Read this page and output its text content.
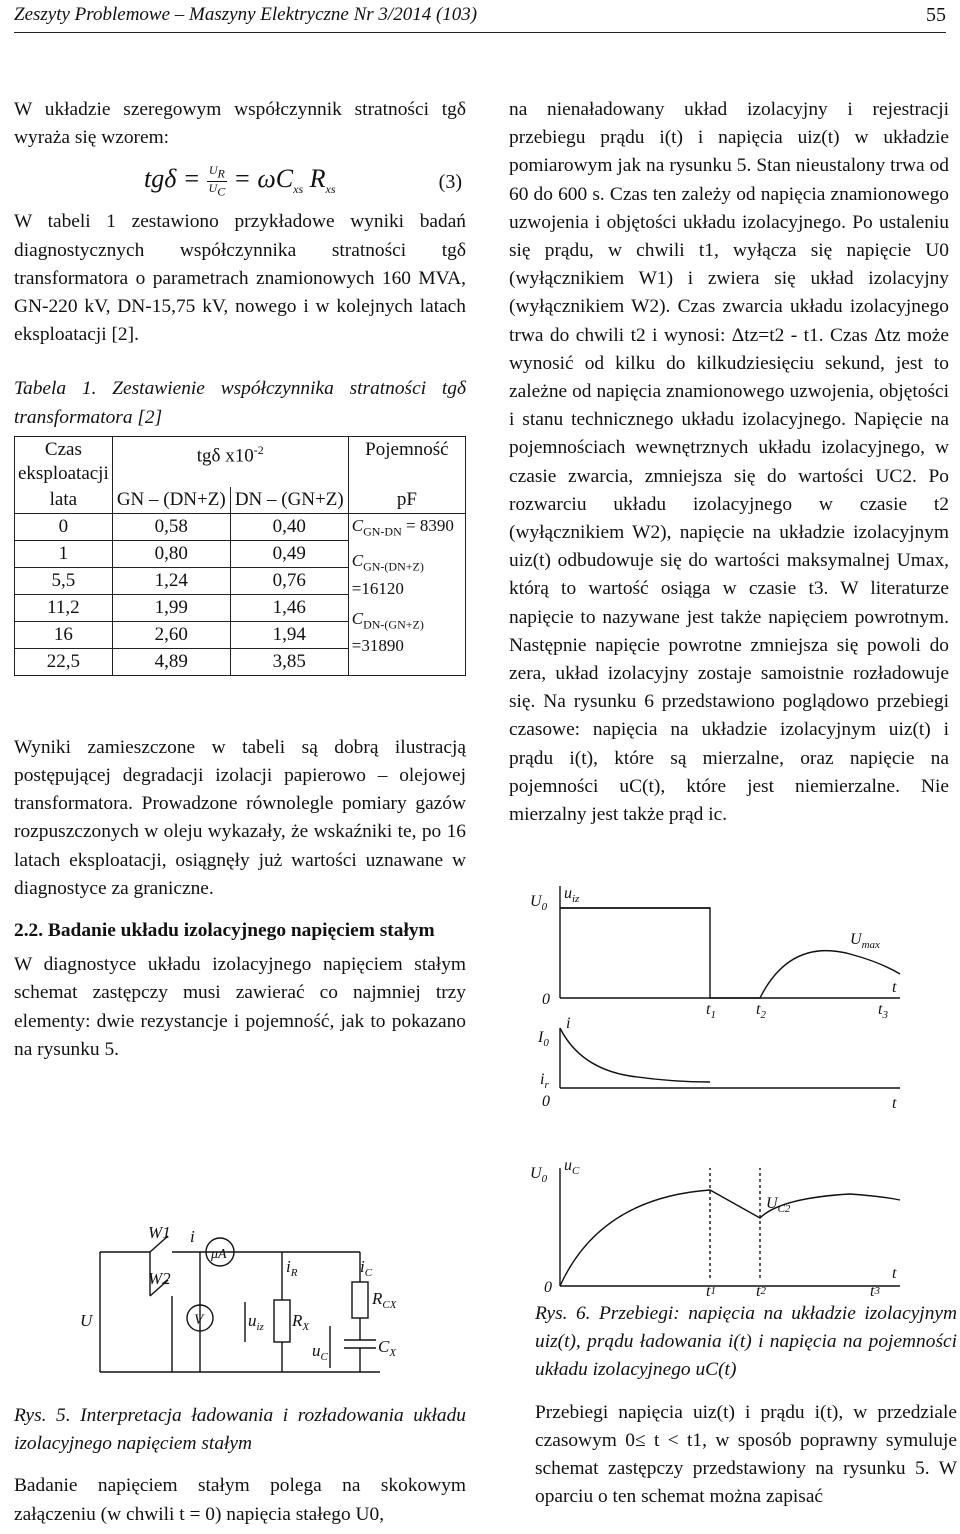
Zeszyty Problemowe – Maszyny Elektryczne Nr 3/2014 (103)	55

W układzie szeregowym współczynnik stratności tgδ wyraża się wzorem:

$tg\delta = \frac{U_R}{U_C} = \omega C_{xs}$ $R_{xs}$	(3)

W tabeli 1 zestawiono przykładowe wyniki badań diagnostycznych współczynnika stratności tgδ transformatora o parametrach znamionowych 160 MVA, GN-220 kV, DN-15,75 kV, nowego i w kolejnych latach eksploatacji [2].

Tabela 1. Zestawienie współczynnika stratności tgδ transformatora [2]

Czas eksploatacji	tgδ $x10^{-2}$		Pojemność
lata	GN – (DN+Z)	DN – (GN+Z)	pF
0	0,58	0,40	$C_{GN-DN} = 8390$
$C_{GN-(DN+Z)} =16120$
$C_{DN-(GN+Z)} =31890$

1	0,80	0,49	
5,5	1,24	0,76	
11,2	1,99	1,46	
16	2,60	1,94	
22,5	4,89	3,85	

Wyniki zamieszczone w tabeli są dobrą ilustracją postępującej degradacji izolacji papierowo – olejowej transformatora. Prowadzone równolegle pomiary gazów rozpuszczonych w oleju wykazały, że wskaźniki te, po 16 latach eksploatacji, osiągnęły już wartości uznawane w diagnostyce za graniczne.

2.2. Badanie układu izolacyjnego napięciem stałym

W diagnostyce układu izolacyjnego napięciem stałym schemat zastępczy musi zawierać co najmniej trzy elementy: dwie rezystancje i pojemność, jak to pokazano na rysunku 5.

W1
W2
U
i
μA
V	$u_{iz}$
$i_R$
$R_X$
$i_C$
$R_{CX}$
$C_X$
$u_C$

Rys. 5. Interpretacja ładowania i rozładowania układu izolacyjnego napięciem stałym

Badanie napięciem stałym polega na skokowym załączeniu (w chwili t = 0) napięcia stałego U0,

na nienaładowany układ izolacyjny i rejestracji przebiegu prądu i(t) i napięcia uiz(t) w układzie pomiarowym jak na rysunku 5. Stan nieustalony trwa od 60 do 600 s. Czas ten zależy od napięcia znamionowego uzwojenia i objętości układu izolacyjnego. Po ustaleniu się prądu, w chwili t1, wyłącza się napięcie U0 (wyłącznikiem W1) i zwiera się układ izolacyjny (wyłącznikiem W2). Czas zwarcia układu izolacyjnego trwa do chwili t2 i wynosi: Δtz=t2 - t1. Czas Δtz może wynosić od kilku do kilkudziesięciu sekund, jest to zależne od napięcia znamionowego uzwojenia, objętości i stanu technicznego układu izolacyjnego. Napięcie na pojemnościach wewnętrznych układu izolacyjnego, w czasie zwarcia, zmniejsza się do wartości UC2. Po rozwarciu układu izolacyjnego w czasie t2 (wyłącznikiem W2), napięcie na układzie izolacyjnym uiz(t) odbudowuje się do wartości maksymalnej Umax, którą to wartość osiąga w czasie t3. W literaturze napięcie to nazywane jest także napięciem powrotnym. Następnie napięcie powrotne zmniejsza się powoli do zera, układ izolacyjny zostaje samoistnie rozładowuje się. Na rysunku 6 przedstawiono poglądowo przebiegi czasowe: napięcia na układzie izolacyjnym uiz(t) i prądu i(t), które są mierzalne, oraz napięcie na pojemności uC(t), które jest niemierzalne. Nie mierzalny jest także prąd ic.

$U_0$
$u_{iz}$
$U_{max}$
0
t
$t_1$	$t_2$	$t_3$
$I_0$
i
$i_r$
0	t
$U_0$
$u_C$
$U_{C2}$
0
t
t1	t2	t3

Rys. 6. Przebiegi: napięcia na układzie izolacyjnym uiz(t), prądu ładowania i(t) i napięcia na pojemności układu izolacyjnego uC(t)

Przebiegi napięcia uiz(t) i prądu i(t), w przedziale czasowym 0≤ t < t1, w sposób poprawny symuluje schemat zastępczy przedstawiony na rysunku 5. W oparciu o ten schemat można zapisać
